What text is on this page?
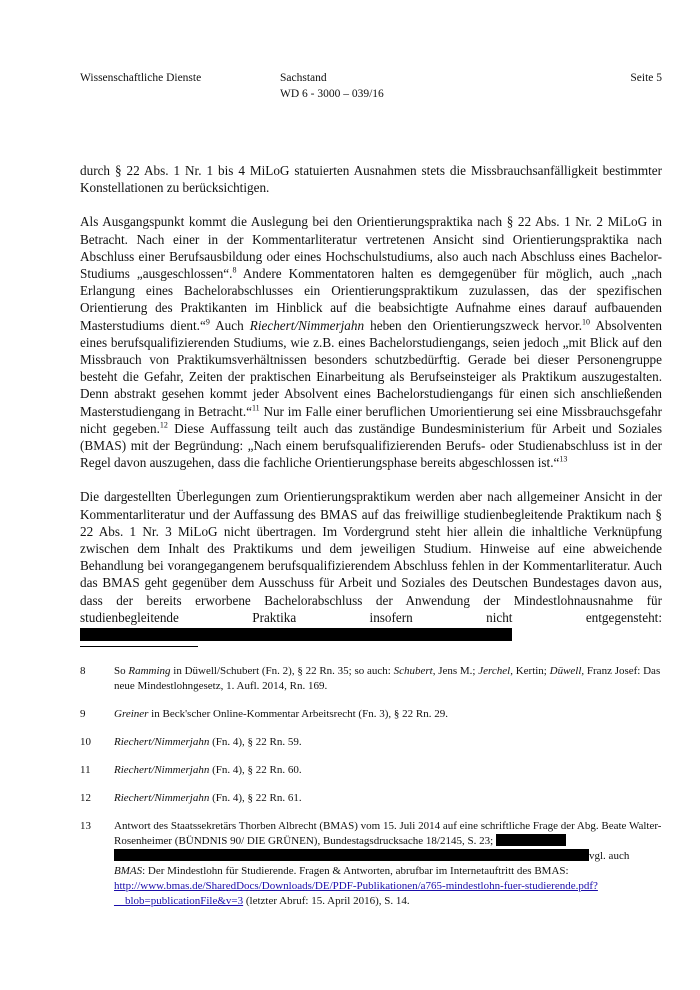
Wissenschaftliche Dienste	Sachstand
WD 6 - 3000 – 039/16
Seite 5

durch § 22 Abs. 1 Nr. 1 bis 4 MiLoG statuierten Ausnahmen stets die Missbrauchsanfälligkeit bestimmter Konstellationen zu berücksichtigen.

Als Ausgangspunkt kommt die Auslegung bei den Orientierungspraktika nach § 22 Abs. 1 Nr. 2 MiLoG in Betracht. Nach einer in der Kommentarliteratur vertretenen Ansicht sind Orientierungspraktika nach Abschluss einer Berufsausbildung oder eines Hochschulstudiums, also auch nach Abschluss eines Bachelor-Studiums „ausgeschlossen“.$^8$ Andere Kommentatoren halten es demgegenüber für möglich, auch „nach Erlangung eines Bachelorabschlusses ein Orientierungspraktikum zuzulassen, das der spezifischen Orientierung des Praktikanten im Hinblick auf die beabsichtigte Aufnahme eines darauf aufbauenden Masterstudiums dient.“$^9$ Auch Riechert/Nimmerjahn heben den Orientierungszweck hervor.$^{10}$ Absolventen eines berufsqualifizierenden Studiums, wie z.B. eines Bachelorstudiengangs, seien jedoch „mit Blick auf den Missbrauch von Praktikumsverhältnissen besonders schutzbedürftig. Gerade bei dieser Personengruppe besteht die Gefahr, Zeiten der praktischen Einarbeitung als Berufseinsteiger als Praktikum auszugestalten. Denn abstrakt gesehen kommt jeder Absolvent eines Bachelorstudiengangs für einen sich anschließenden Masterstudiengang in Betracht.“$^{11}$ Nur im Falle einer beruflichen Umorientierung sei eine Missbrauchsgefahr nicht gegeben.$^{12}$ Diese Auffassung teilt auch das zuständige Bundesministerium für Arbeit und Soziales (BMAS) mit der Begründung: „Nach einem berufsqualifizierenden Berufs- oder Studienabschluss ist in der Regel davon auszugehen, dass die fachliche Orientierungsphase bereits abgeschlossen ist.“$^{13}$

Die dargestellten Überlegungen zum Orientierungspraktikum werden aber nach allgemeiner Ansicht in der Kommentarliteratur und der Auffassung des BMAS auf das freiwillige studienbegleitende Praktikum nach § 22 Abs. 1 Nr. 3 MiLoG nicht übertragen. Im Vordergrund steht hier allein die inhaltliche Verknüpfung zwischen dem Inhalt des Praktikums und dem jeweiligen Studium. Hinweise auf eine abweichende Behandlung bei vorangegangenem berufsqualifizierendem Abschluss fehlen in der Kommentarliteratur. Auch das BMAS geht gegenüber dem Ausschuss für Arbeit und Soziales des Deutschen Bundestages davon aus, dass der bereits erworbene Bachelorabschluss der Anwendung der Mindestlohnausnahme für studienbegleitende Praktika insofern nicht entgegensteht:

8	So Ramming in Düwell/Schubert (Fn. 2), § 22 Rn. 35; so auch: Schubert, Jens M.; Jerchel, Kertin; Düwell, Franz Josef: Das neue Mindestlohngesetz, 1. Aufl. 2014, Rn. 169.
9	Greiner in Beck'scher Online-Kommentar Arbeitsrecht (Fn. 3), § 22 Rn. 29.
10 Riechert/Nimmerjahn (Fn. 4), § 22 Rn. 59.
11 Riechert/Nimmerjahn (Fn. 4), § 22 Rn. 60.
12 Riechert/Nimmerjahn (Fn. 4), § 22 Rn. 61.
13 Antwort des Staatssekretärs Thorben Albrecht (BMAS) vom 15. Juli 2014 auf eine schriftliche Frage der Abg. Beate Walter-Rosenheimer (BÜNDNIS 90/ DIE GRÜNEN), Bundestagsdrucksache 18/2145, S. 23;
vgl. auch BMAS: Der Mindestlohn für Studierende. Fragen & Antworten, abrufbar im Internetauftritt des BMAS: http://www.bmas.de/SharedDocs/Downloads/DE/PDF-Publikationen/a765-mindestlohn-fuer-studierende.pdf?__blob=publicationFile&v=3 (letzter Abruf: 15. April 2016), S. 14.
